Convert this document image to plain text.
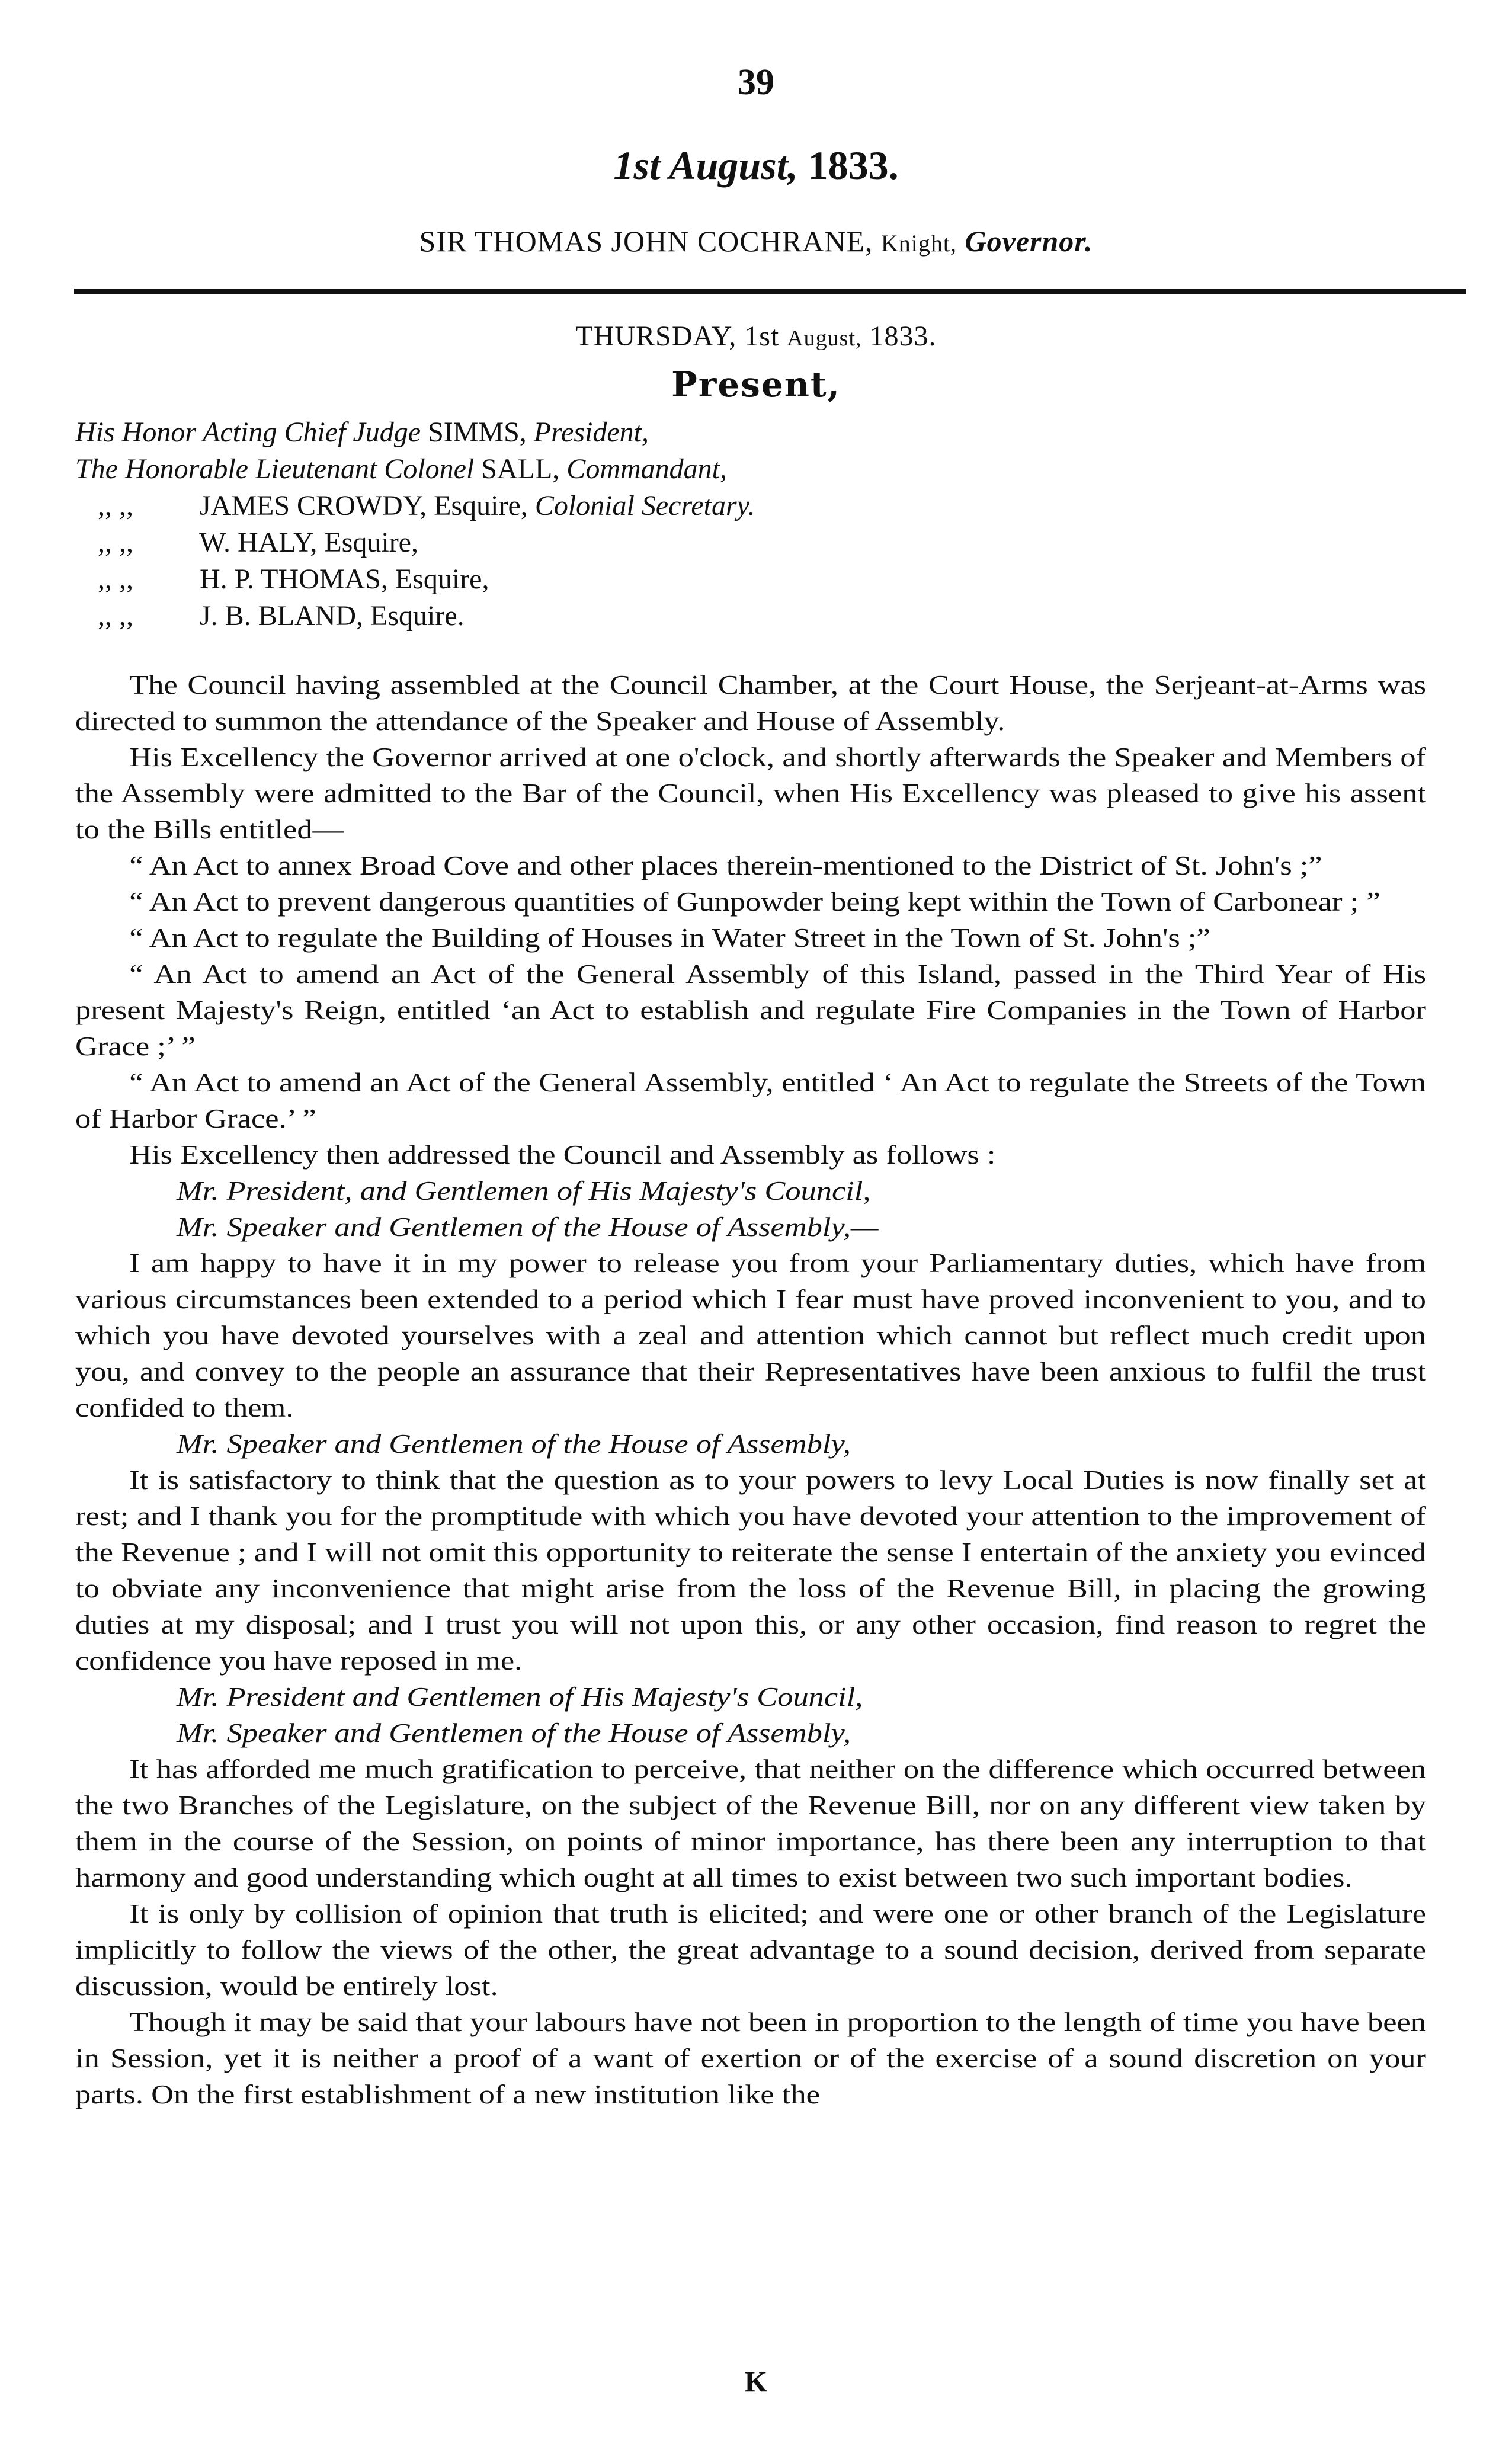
39
1st August, 1833.
SIR THOMAS JOHN COCHRANE, Knight, Governor.
THURSDAY, 1st August, 1833.
Present,
His Honor Acting Chief Judge SIMMS, President,
The Honorable Lieutenant Colonel SALL, Commandant,
,, ,, JAMES CROWDY, Esquire, Colonial Secretary.
,, ,, W. HALY, Esquire,
,, ,, H. P. THOMAS, Esquire,
,, ,, J. B. BLAND, Esquire.

The Council having assembled at the Council Chamber, at the Court House, the Serjeant-at-Arms was directed to summon the attendance of the Speaker and House of Assembly.

His Excellency the Governor arrived at one o'clock, and shortly afterwards the Speaker and Members of the Assembly were admitted to the Bar of the Council, when His Excellency was pleased to give his assent to the Bills entitled—

“ An Act to annex Broad Cove and other places therein-mentioned to the District of St. John's ;”

“ An Act to prevent dangerous quantities of Gunpowder being kept within the Town of Carbonear ; ”

“ An Act to regulate the Building of Houses in Water Street in the Town of St. John's ;”

“ An Act to amend an Act of the General Assembly of this Island, passed in the Third Year of His present Majesty's Reign, entitled ‘an Act to establish and regulate Fire Companies in the Town of Harbor Grace ;’ ”

“ An Act to amend an Act of the General Assembly, entitled ‘ An Act to regulate the Streets of the Town of Harbor Grace.’ ”

His Excellency then addressed the Council and Assembly as follows :

Mr. President, and Gentlemen of His Majesty's Council,

Mr. Speaker and Gentlemen of the House of Assembly,—

I am happy to have it in my power to release you from your Parliamentary duties, which have from various circumstances been extended to a period which I fear must have proved inconvenient to you, and to which you have devoted yourselves with a zeal and attention which cannot but reflect much credit upon you, and convey to the people an assurance that their Representatives have been anxious to fulfil the trust confided to them.

Mr. Speaker and Gentlemen of the House of Assembly,

It is satisfactory to think that the question as to your powers to levy Local Duties is now finally set at rest; and I thank you for the promptitude with which you have devoted your attention to the improvement of the Revenue ; and I will not omit this opportunity to reiterate the sense I entertain of the anxiety you evinced to obviate any inconvenience that might arise from the loss of the Revenue Bill, in placing the growing duties at my disposal; and I trust you will not upon this, or any other occasion, find reason to regret the confidence you have reposed in me.

Mr. President and Gentlemen of His Majesty's Council,

Mr. Speaker and Gentlemen of the House of Assembly,

It has afforded me much gratification to perceive, that neither on the difference which occurred between the two Branches of the Legislature, on the subject of the Revenue Bill, nor on any different view taken by them in the course of the Session, on points of minor importance, has there been any interruption to that harmony and good understanding which ought at all times to exist between two such important bodies.

It is only by collision of opinion that truth is elicited; and were one or other branch of the Legislature implicitly to follow the views of the other, the great advantage to a sound decision, derived from separate discussion, would be entirely lost.

Though it may be said that your labours have not been in proportion to the length of time you have been in Session, yet it is neither a proof of a want of exertion or of the exercise of a sound discretion on your parts. On the first establishment of a new institution like the

K
